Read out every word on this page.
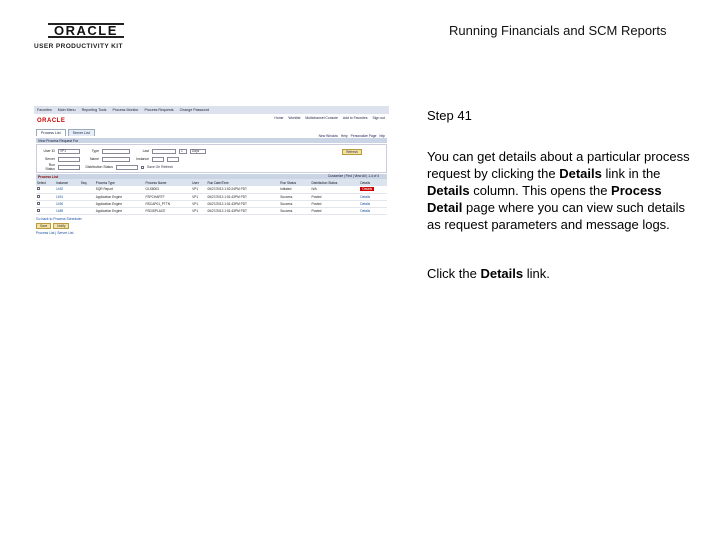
ORACLE
USER PRODUCTIVITY KIT
Running Financials and SCM Reports
Favorites Main Menu Reporting Tools Process Monitor Process Requests Change Password
ORACLE	Home Worklist Multichannel Console Add to Favorites Sign out
Process List	Server List
New Window Help Personalize Page http
View Process Request For
User ID	VP1	Type	Last	1	Days
Server	Name	Instance
Run Status	Distribution Status	Save On Refresh
Refresh
Process List	Customize | Find | View All | 1-4 of 4
Select	Instance	Seq.	Process Type	Process Name	User	Run Date/Time	Run Status	Distribution Status	Details
	1492		SQR Report	GLS8003	VP1	06/27/2013 1:52:24PM PDT	Initiated	N/A	Details
	1491		Application Engine	FSPCHARTF	VP1	06/27/2013 1:51:43PM PDT	Success	Posted	Details
	1490		Application Engine	RSCAP01_PTTN	VP1	06/27/2013 1:51:43PM PDT	Success	Posted	Details
	1489		Application Engine	FSDISPLACE	VP1	06/27/2013 1:51:43PM PDT	Success	Posted	Details
Go back to Process Scheduler
Save	Notify
Process List | Server List
Step 41
You can get details about a particular process request by clicking the Details link in the Details column. This opens the Process Detail page where you can view such details as request parameters and message logs.
Click the Details link.
